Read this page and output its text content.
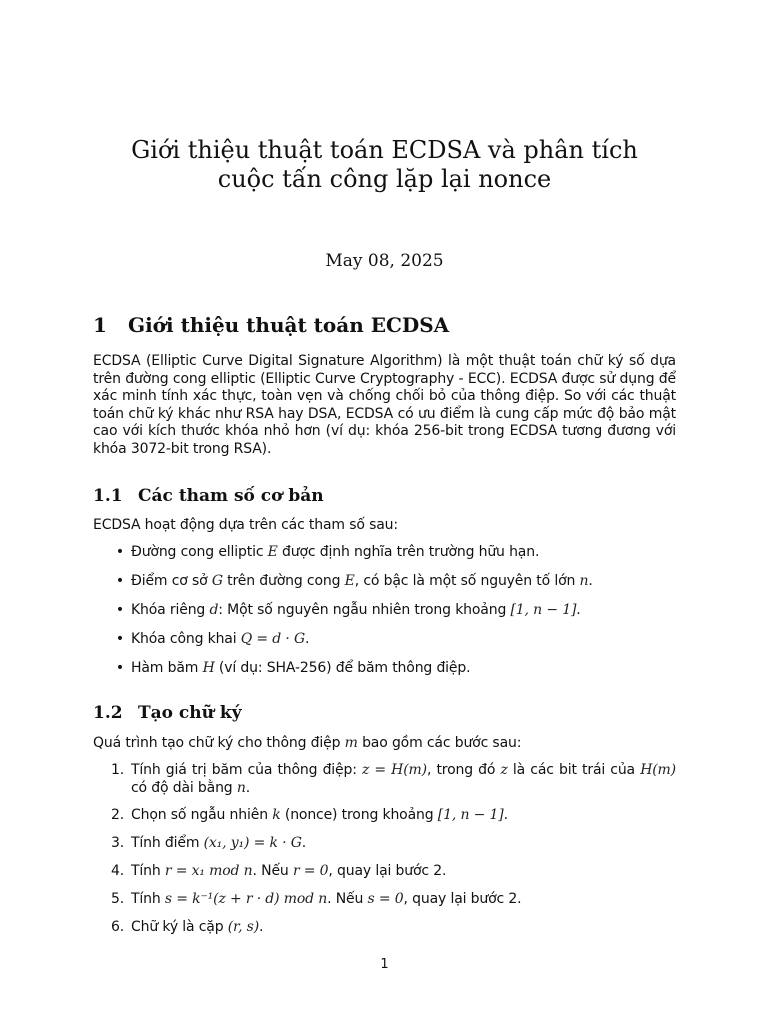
Giới thiệu thuật toán ECDSA và phân tích
cuộc tấn công lặp lại nonce
May 08, 2025
1 Giới thiệu thuật toán ECDSA

ECDSA (Elliptic Curve Digital Signature Algorithm) là một thuật toán chữ ký số dựa trên đường cong elliptic (Elliptic Curve Cryptography - ECC). ECDSA được sử dụng để xác minh tính xác thực, toàn vẹn và chống chối bỏ của thông điệp. So với các thuật toán chữ ký khác như RSA hay DSA, ECDSA có ưu điểm là cung cấp mức độ bảo mật cao với kích thước khóa nhỏ hơn (ví dụ: khóa 256-bit trong ECDSA tương đương với khóa 3072-bit trong RSA).

1.1 Các tham số cơ bản

ECDSA hoạt động dựa trên các tham số sau:

• Đường cong elliptic E được định nghĩa trên trường hữu hạn.
• Điểm cơ sở G trên đường cong E, có bậc là một số nguyên tố lớn n.
• Khóa riêng d: Một số nguyên ngẫu nhiên trong khoảng [1, n − 1].
• Khóa công khai Q = d · G.
• Hàm băm H (ví dụ: SHA-256) để băm thông điệp.
1.2 Tạo chữ ký

Quá trình tạo chữ ký cho thông điệp m bao gồm các bước sau:

1. Tính giá trị băm của thông điệp: z = H(m), trong đó z là các bit trái của H(m) có độ dài bằng n.
2. Chọn số ngẫu nhiên k (nonce) trong khoảng [1, n − 1].
3. Tính điểm (x₁, y₁) = k · G.
4. Tính r = x₁ mod n. Nếu r = 0, quay lại bước 2.
5. Tính s = k⁻¹(z + r · d) mod n. Nếu s = 0, quay lại bước 2.
6. Chữ ký là cặp (r, s).
1
